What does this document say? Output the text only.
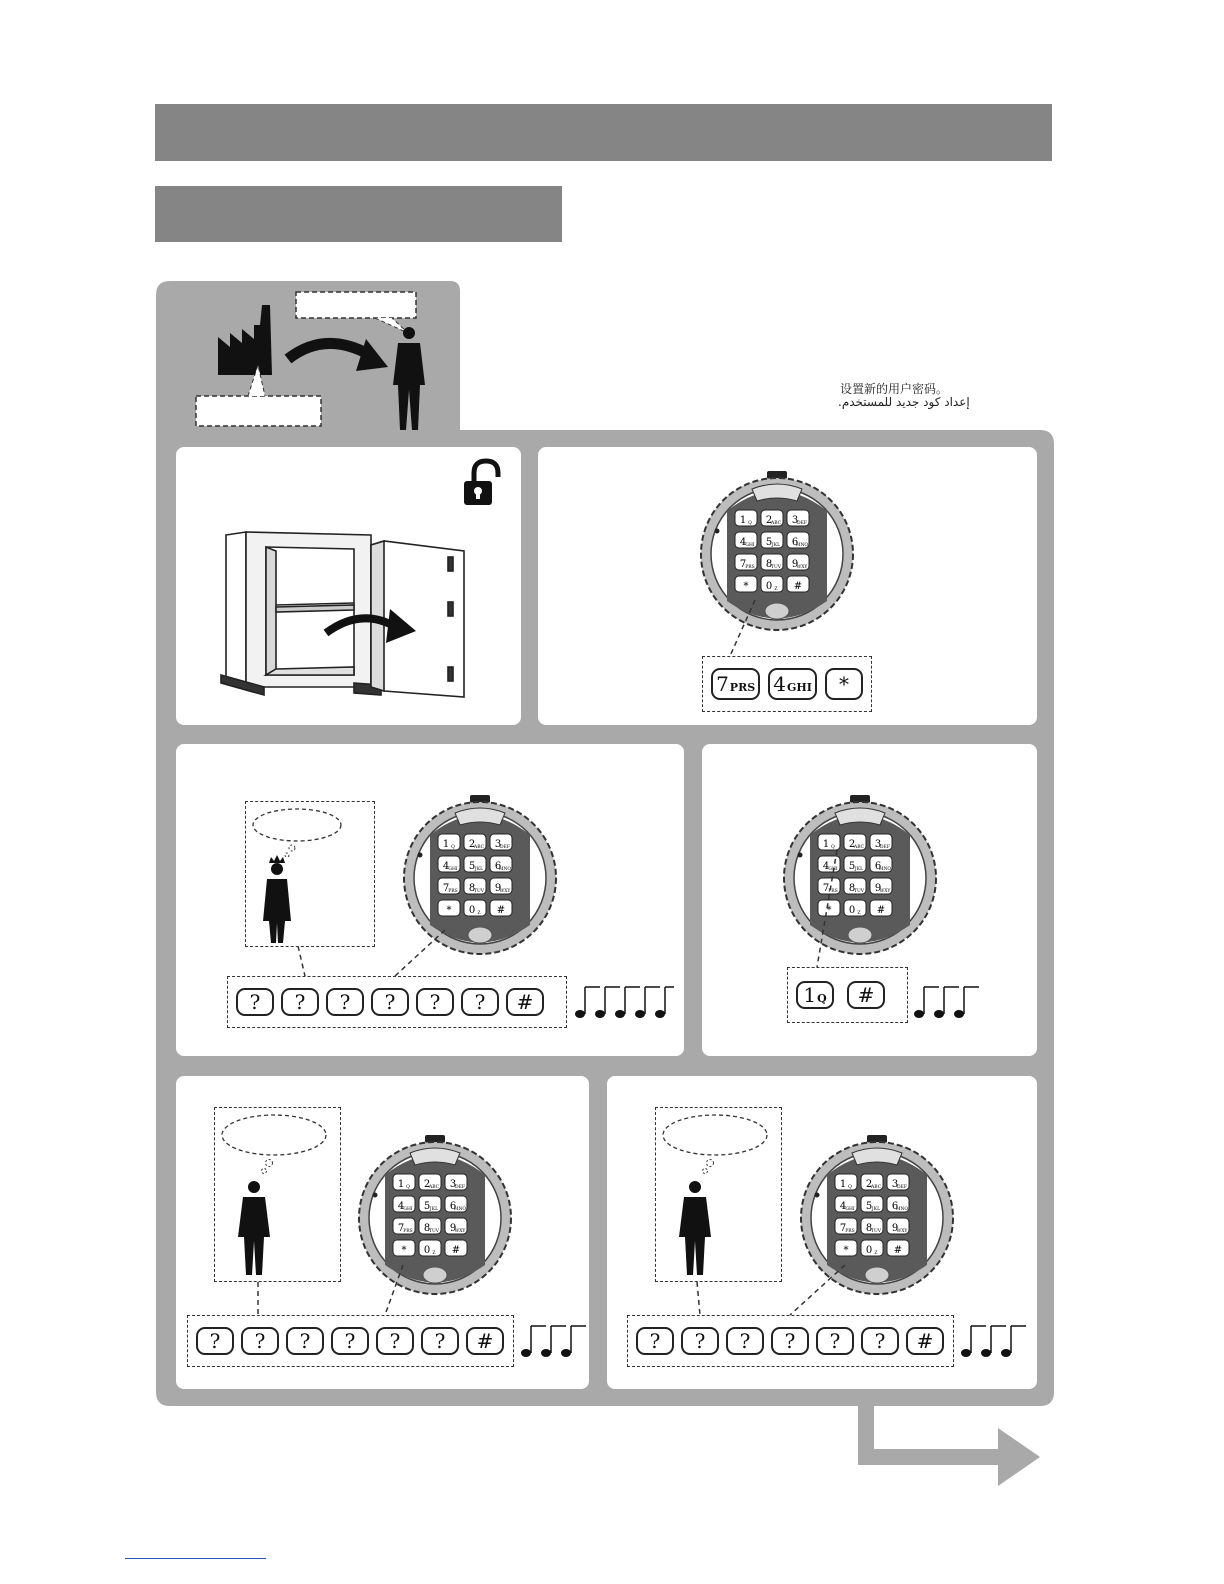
设置新的用户密码。
إعداد كود جديد للمستخدم.
1 Q 2
ABC 3
DEF
4 GHI 5 JKL 6
MNO
7 PRS 8
TUV 9
WXY
* 0 Z #
1 Q 2
ABC 3
DEF
4 GHI 5 JKL 6
MNO
7 PRS 8
TUV 9
WXY
* 0 Z #
1 Q 2
ABC 3
DEF
4 GHI 5 JKL 6
MNO
7 PRS 8
TUV 9
WXY
* 0 Z #
1 Q 2
ABC 3
DEF
4 GHI 5 JKL 6
MNO
7 PRS 8
TUV 9
WXY
* 0 Z #
1 Q 2
ABC 3
DEF
4 GHI 5 JKL 6
MNO
7 PRS 8
TUV 9
WXY
* 0 Z #
7 PRS 4 GHI	*
?	?	?	?	?	?	#	1 Q	#
?	?	?	?	?	?	#	?	?	?	?	?	?	#
